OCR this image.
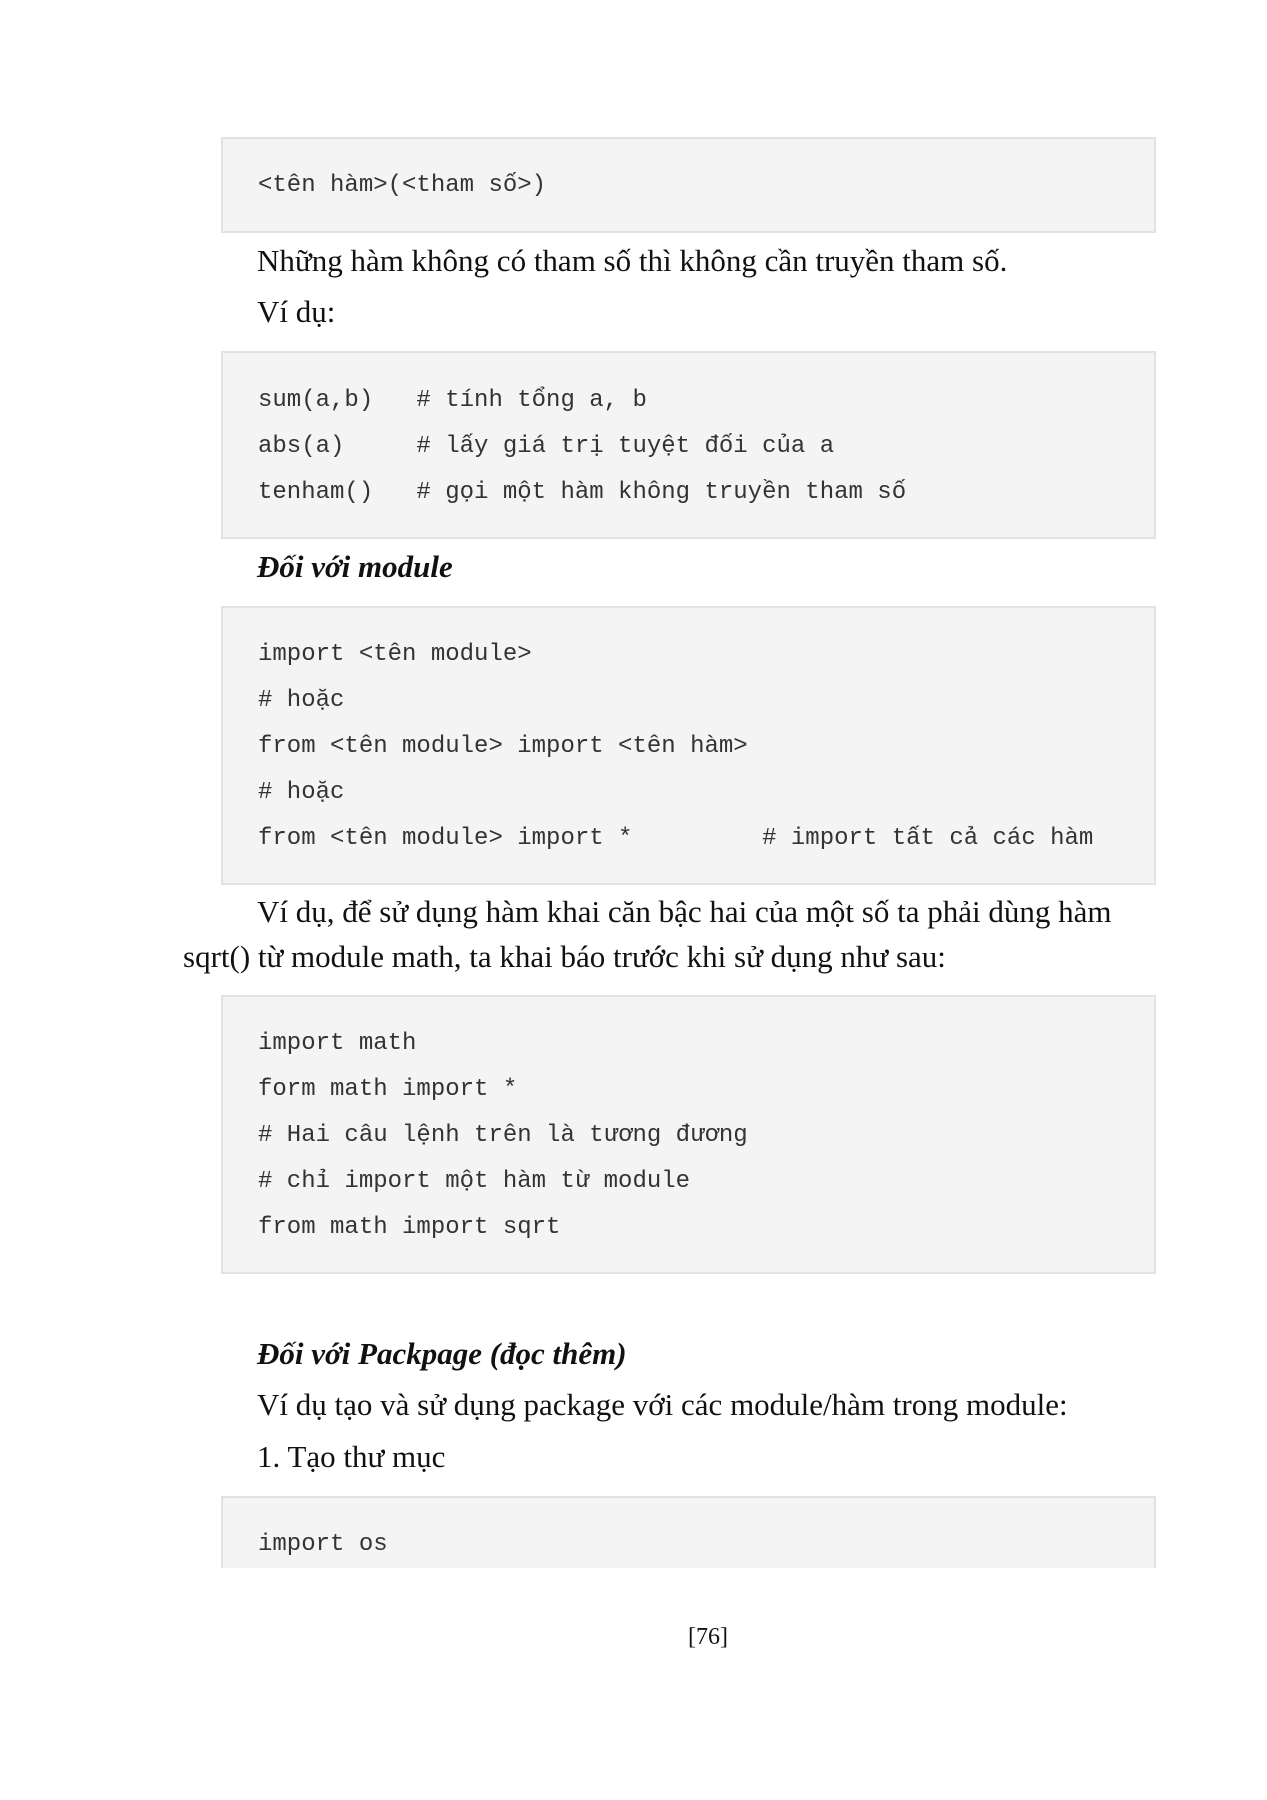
<tên hàm>(<tham số>)
Những hàm không có tham số thì không cần truyền tham số.
Ví dụ:
sum(a,b)   # tính tổng a, b
abs(a)     # lấy giá trị tuyệt đối của a
tenham()   # gọi một hàm không truyền tham số
Đối với module
import <tên module>
# hoặc
from <tên module> import <tên hàm>
# hoặc
from <tên module> import *         # import tất cả các hàm
Ví dụ, để sử dụng hàm khai căn bậc hai của một số ta phải dùng hàm
sqrt() từ module math, ta khai báo trước khi sử dụng như sau:
import math
form math import *
# Hai câu lệnh trên là tương đương
# chỉ import một hàm từ module
from math import sqrt
Đối với Packpage (đọc thêm)
Ví dụ tạo và sử dụng package với các module/hàm trong module:
1. Tạo thư mục
import os
[76]
